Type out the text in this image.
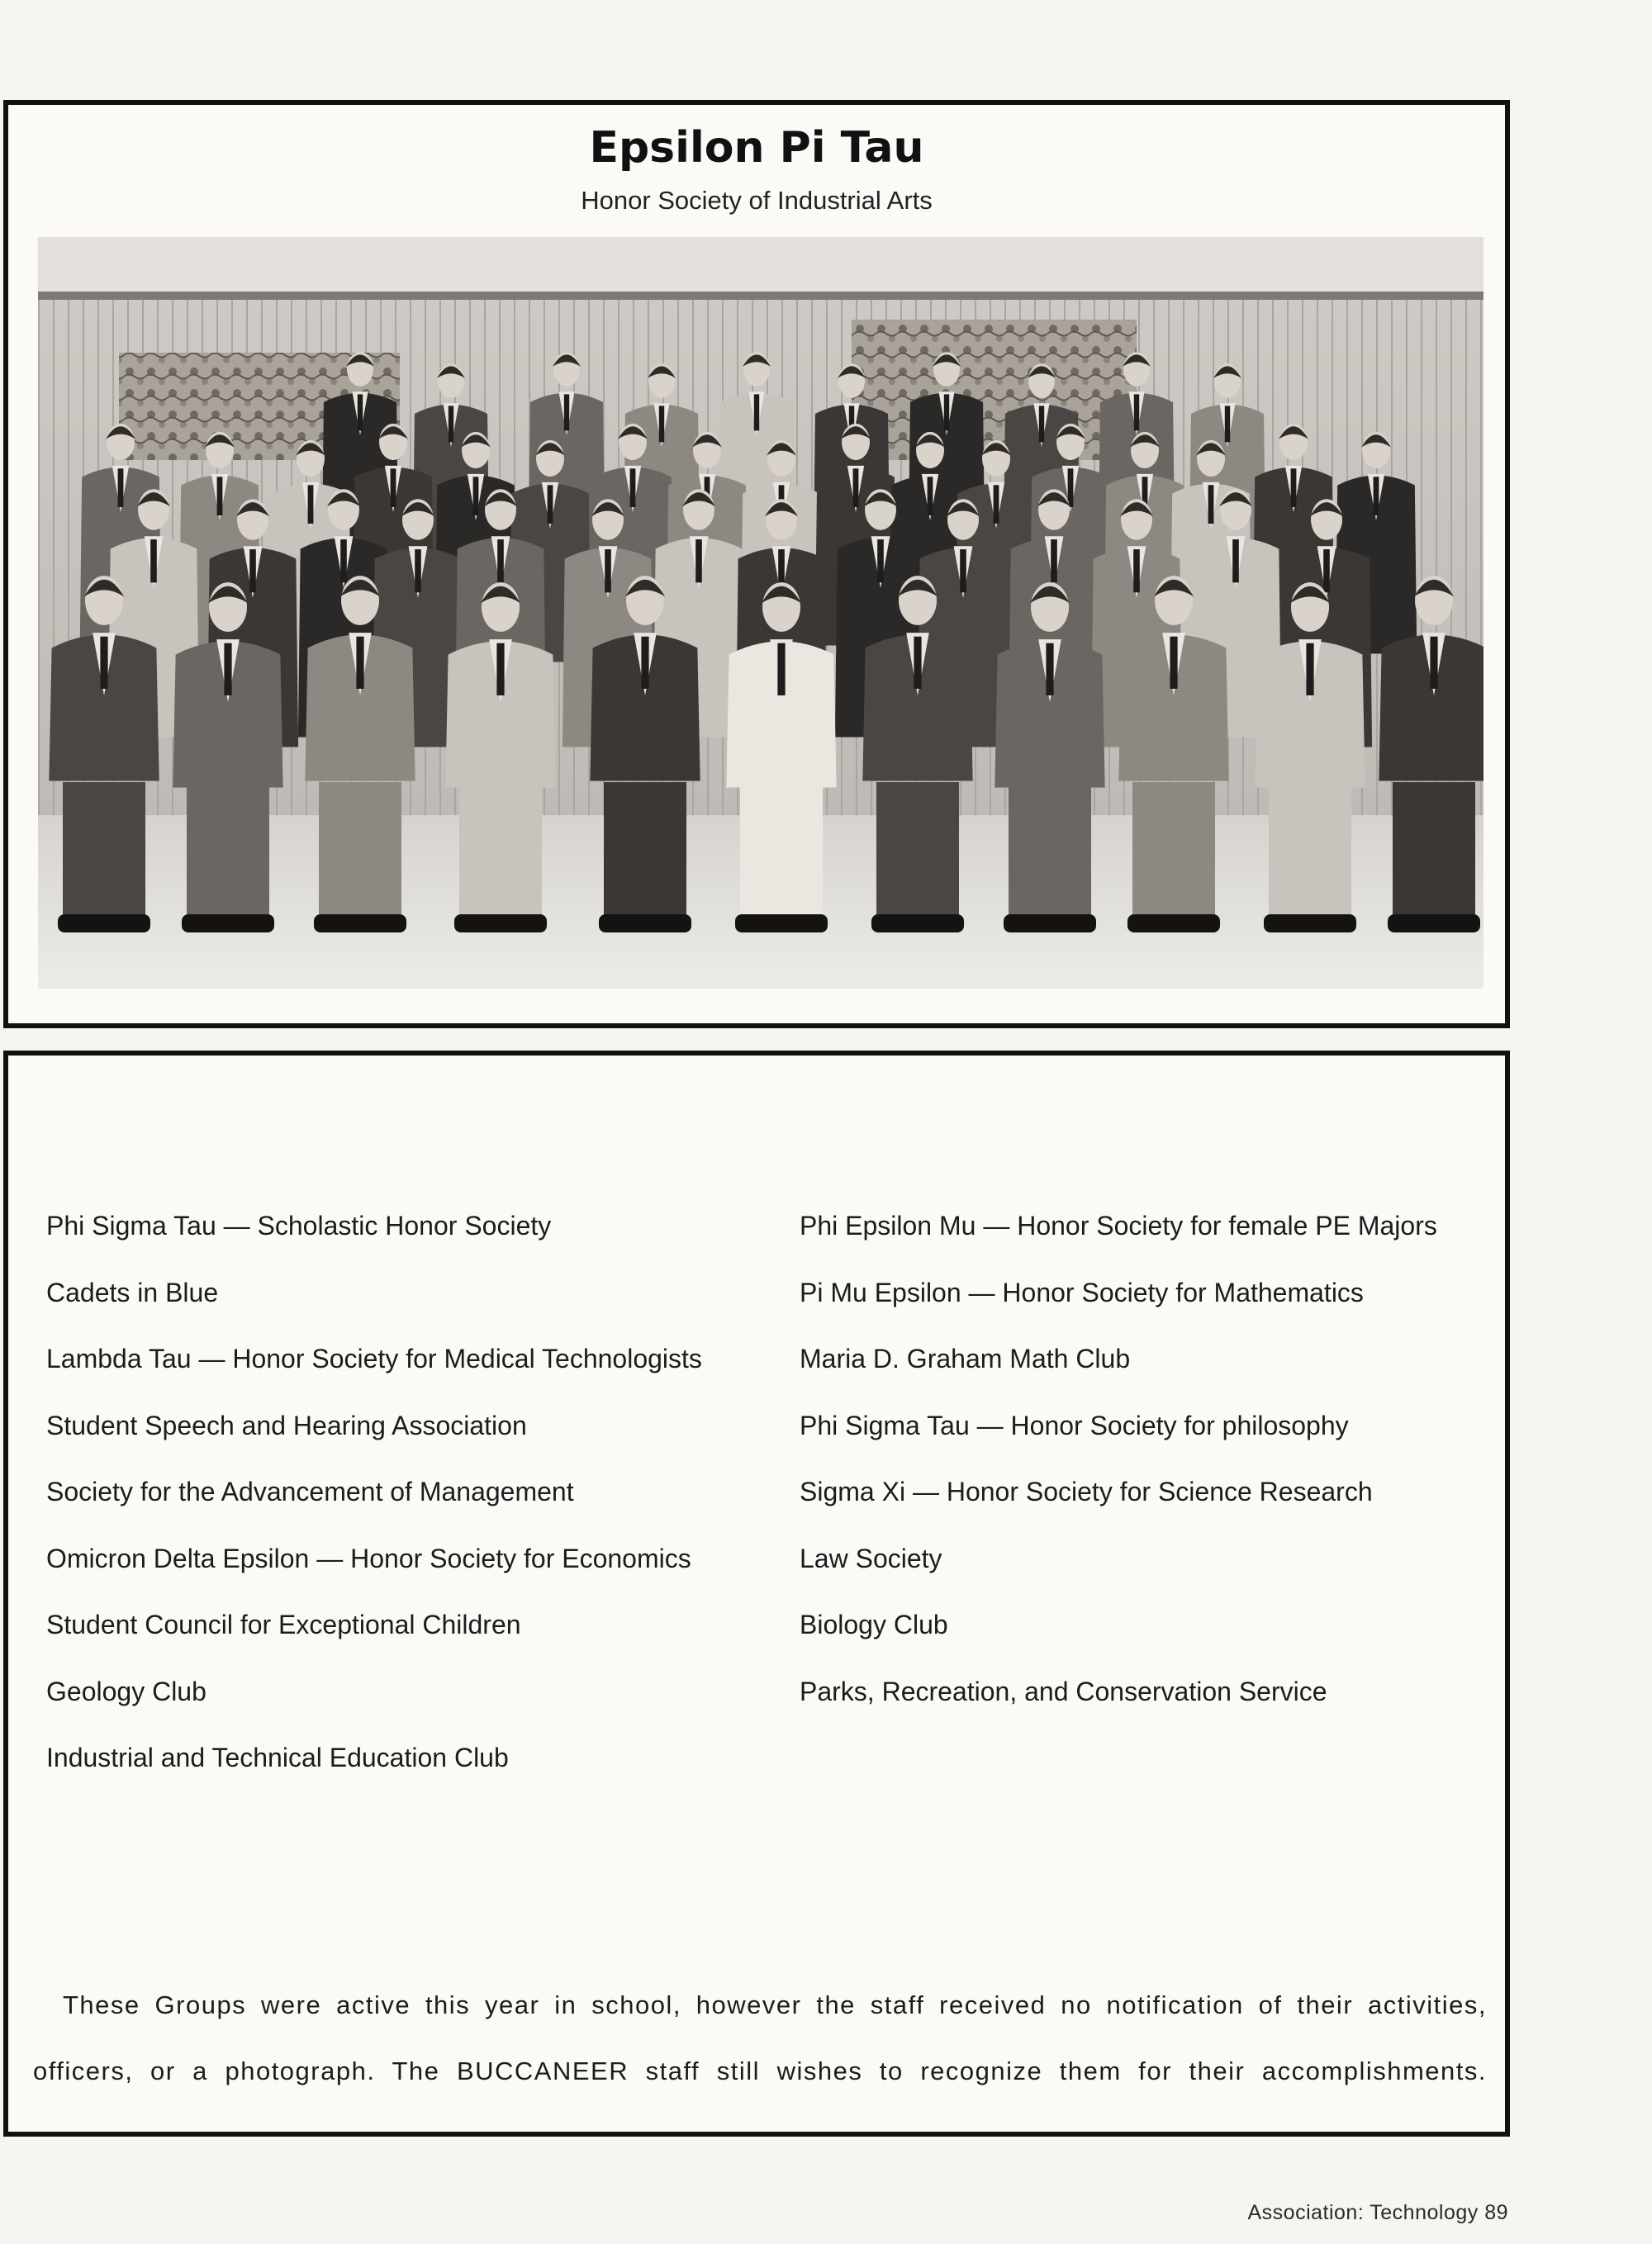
Epsilon Pi Tau
Honor Society of Industrial Arts
Phi Sigma Tau — Scholastic Honor Society
Cadets in Blue
Lambda Tau — Honor Society for Medical Technologists
Student Speech and Hearing Association
Society for the Advancement of Management
Omicron Delta Epsilon — Honor Society for Economics
Student Council for Exceptional Children
Geology Club
Industrial and Technical Education Club
Phi Epsilon Mu — Honor Society for female PE Majors
Pi Mu Epsilon — Honor Society for Mathematics
Maria D. Graham Math Club
Phi Sigma Tau — Honor Society for philosophy
Sigma Xi — Honor Society for Science Research
Law Society
Biology Club
Parks, Recreation, and Conservation Service

These Groups were active this year in school, however the staff received no notification of their activities,

officers, or a photograph. The BUCCANEER staff still wishes to recognize them for their accomplishments.

Association: Technology 89
